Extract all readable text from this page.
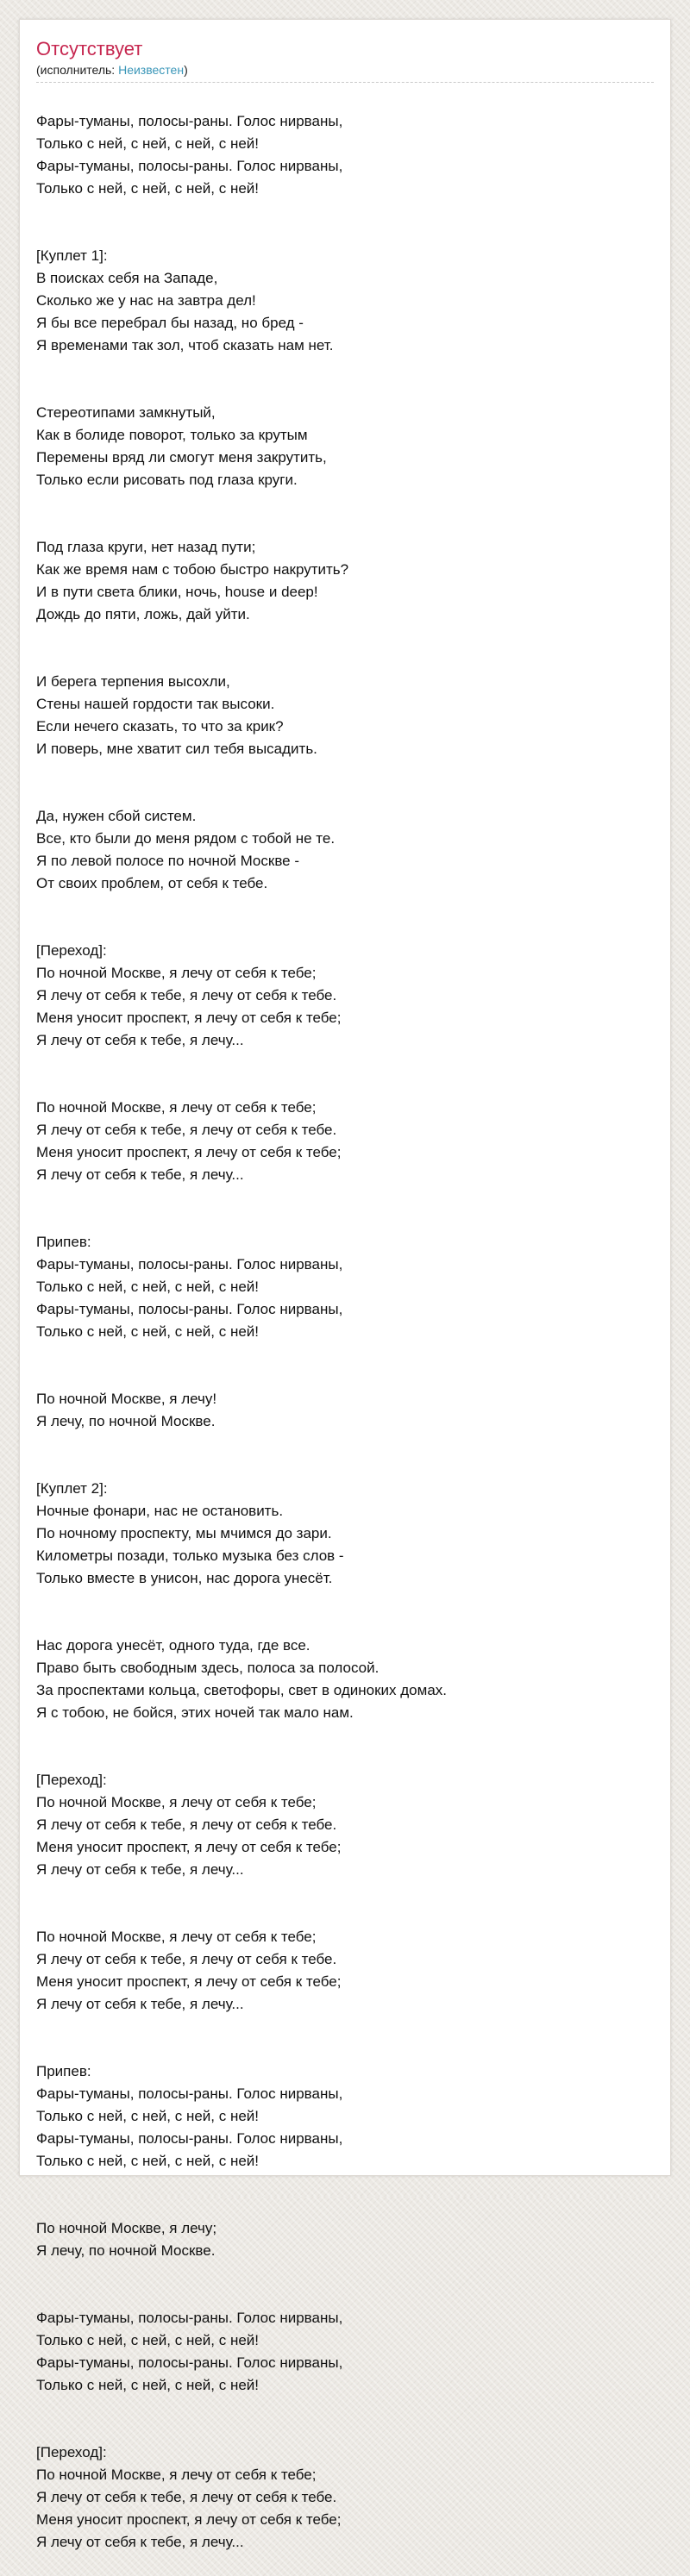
Отсутствует
(исполнитель: Неизвестен)

Фары-туманы, полосы-раны. Голос нирваны,
Только с ней, с ней, с ней, с ней!
Фары-туманы, полосы-раны. Голос нирваны,
Только с ней, с ней, с ней, с ней!

[Куплет 1]:
В поисках себя на Западе,
Сколько же у нас на завтра дел!
Я бы все перебрал бы назад, но бред -
Я временами так зол, чтоб сказать нам нет.

Стереотипами замкнутый,
Как в болиде поворот, только за крутым
Перемены вряд ли смогут меня закрутить,
Только если рисовать под глаза круги.

Под глаза круги, нет назад пути;
Как же время нам с тобою быстро накрутить?
И в пути света блики, ночь, house и deep!
Дождь до пяти, ложь, дай уйти.

И берега терпения высохли,
Стены нашей гордости так высоки.
Если нечего сказать, то что за крик?
И поверь, мне хватит сил тебя высадить.

Да, нужен сбой систем.
Все, кто были до меня рядом с тобой не те.
Я по левой полосе по ночной Москве -
От своих проблем, от себя к тебе.

[Переход]:
По ночной Москве, я лечу от себя к тебе;
Я лечу от себя к тебе, я лечу от себя к тебе.
Меня уносит проспект, я лечу от себя к тебе;
Я лечу от себя к тебе, я лечу...

По ночной Москве, я лечу от себя к тебе;
Я лечу от себя к тебе, я лечу от себя к тебе.
Меня уносит проспект, я лечу от себя к тебе;
Я лечу от себя к тебе, я лечу...

Припев:
Фары-туманы, полосы-раны. Голос нирваны,
Только с ней, с ней, с ней, с ней!
Фары-туманы, полосы-раны. Голос нирваны,
Только с ней, с ней, с ней, с ней!

По ночной Москве, я лечу!
Я лечу, по ночной Москве.

[Куплет 2]:
Ночные фонари, нас не остановить.
По ночному проспекту, мы мчимся до зари.
Километры позади, только музыка без слов -
Только вместе в унисон, нас дорога унесёт.

Нас дорога унесёт, одного туда, где все.
Право быть свободным здесь, полоса за полосой.
За проспектами кольца, светофоры, свет в одиноких домах.
Я с тобою, не бойся, этих ночей так мало нам.

[Переход]:
По ночной Москве, я лечу от себя к тебе;
Я лечу от себя к тебе, я лечу от себя к тебе.
Меня уносит проспект, я лечу от себя к тебе;
Я лечу от себя к тебе, я лечу...

По ночной Москве, я лечу от себя к тебе;
Я лечу от себя к тебе, я лечу от себя к тебе.
Меня уносит проспект, я лечу от себя к тебе;
Я лечу от себя к тебе, я лечу...

Припев:
Фары-туманы, полосы-раны. Голос нирваны,
Только с ней, с ней, с ней, с ней!
Фары-туманы, полосы-раны. Голос нирваны,
Только с ней, с ней, с ней, с ней!

По ночной Москве, я лечу;
Я лечу, по ночной Москве.

Фары-туманы, полосы-раны. Голос нирваны,
Только с ней, с ней, с ней, с ней!
Фары-туманы, полосы-раны. Голос нирваны,
Только с ней, с ней, с ней, с ней!

[Переход]:
По ночной Москве, я лечу от себя к тебе;
Я лечу от себя к тебе, я лечу от себя к тебе.
Меня уносит проспект, я лечу от себя к тебе;
Я лечу от себя к тебе, я лечу...
